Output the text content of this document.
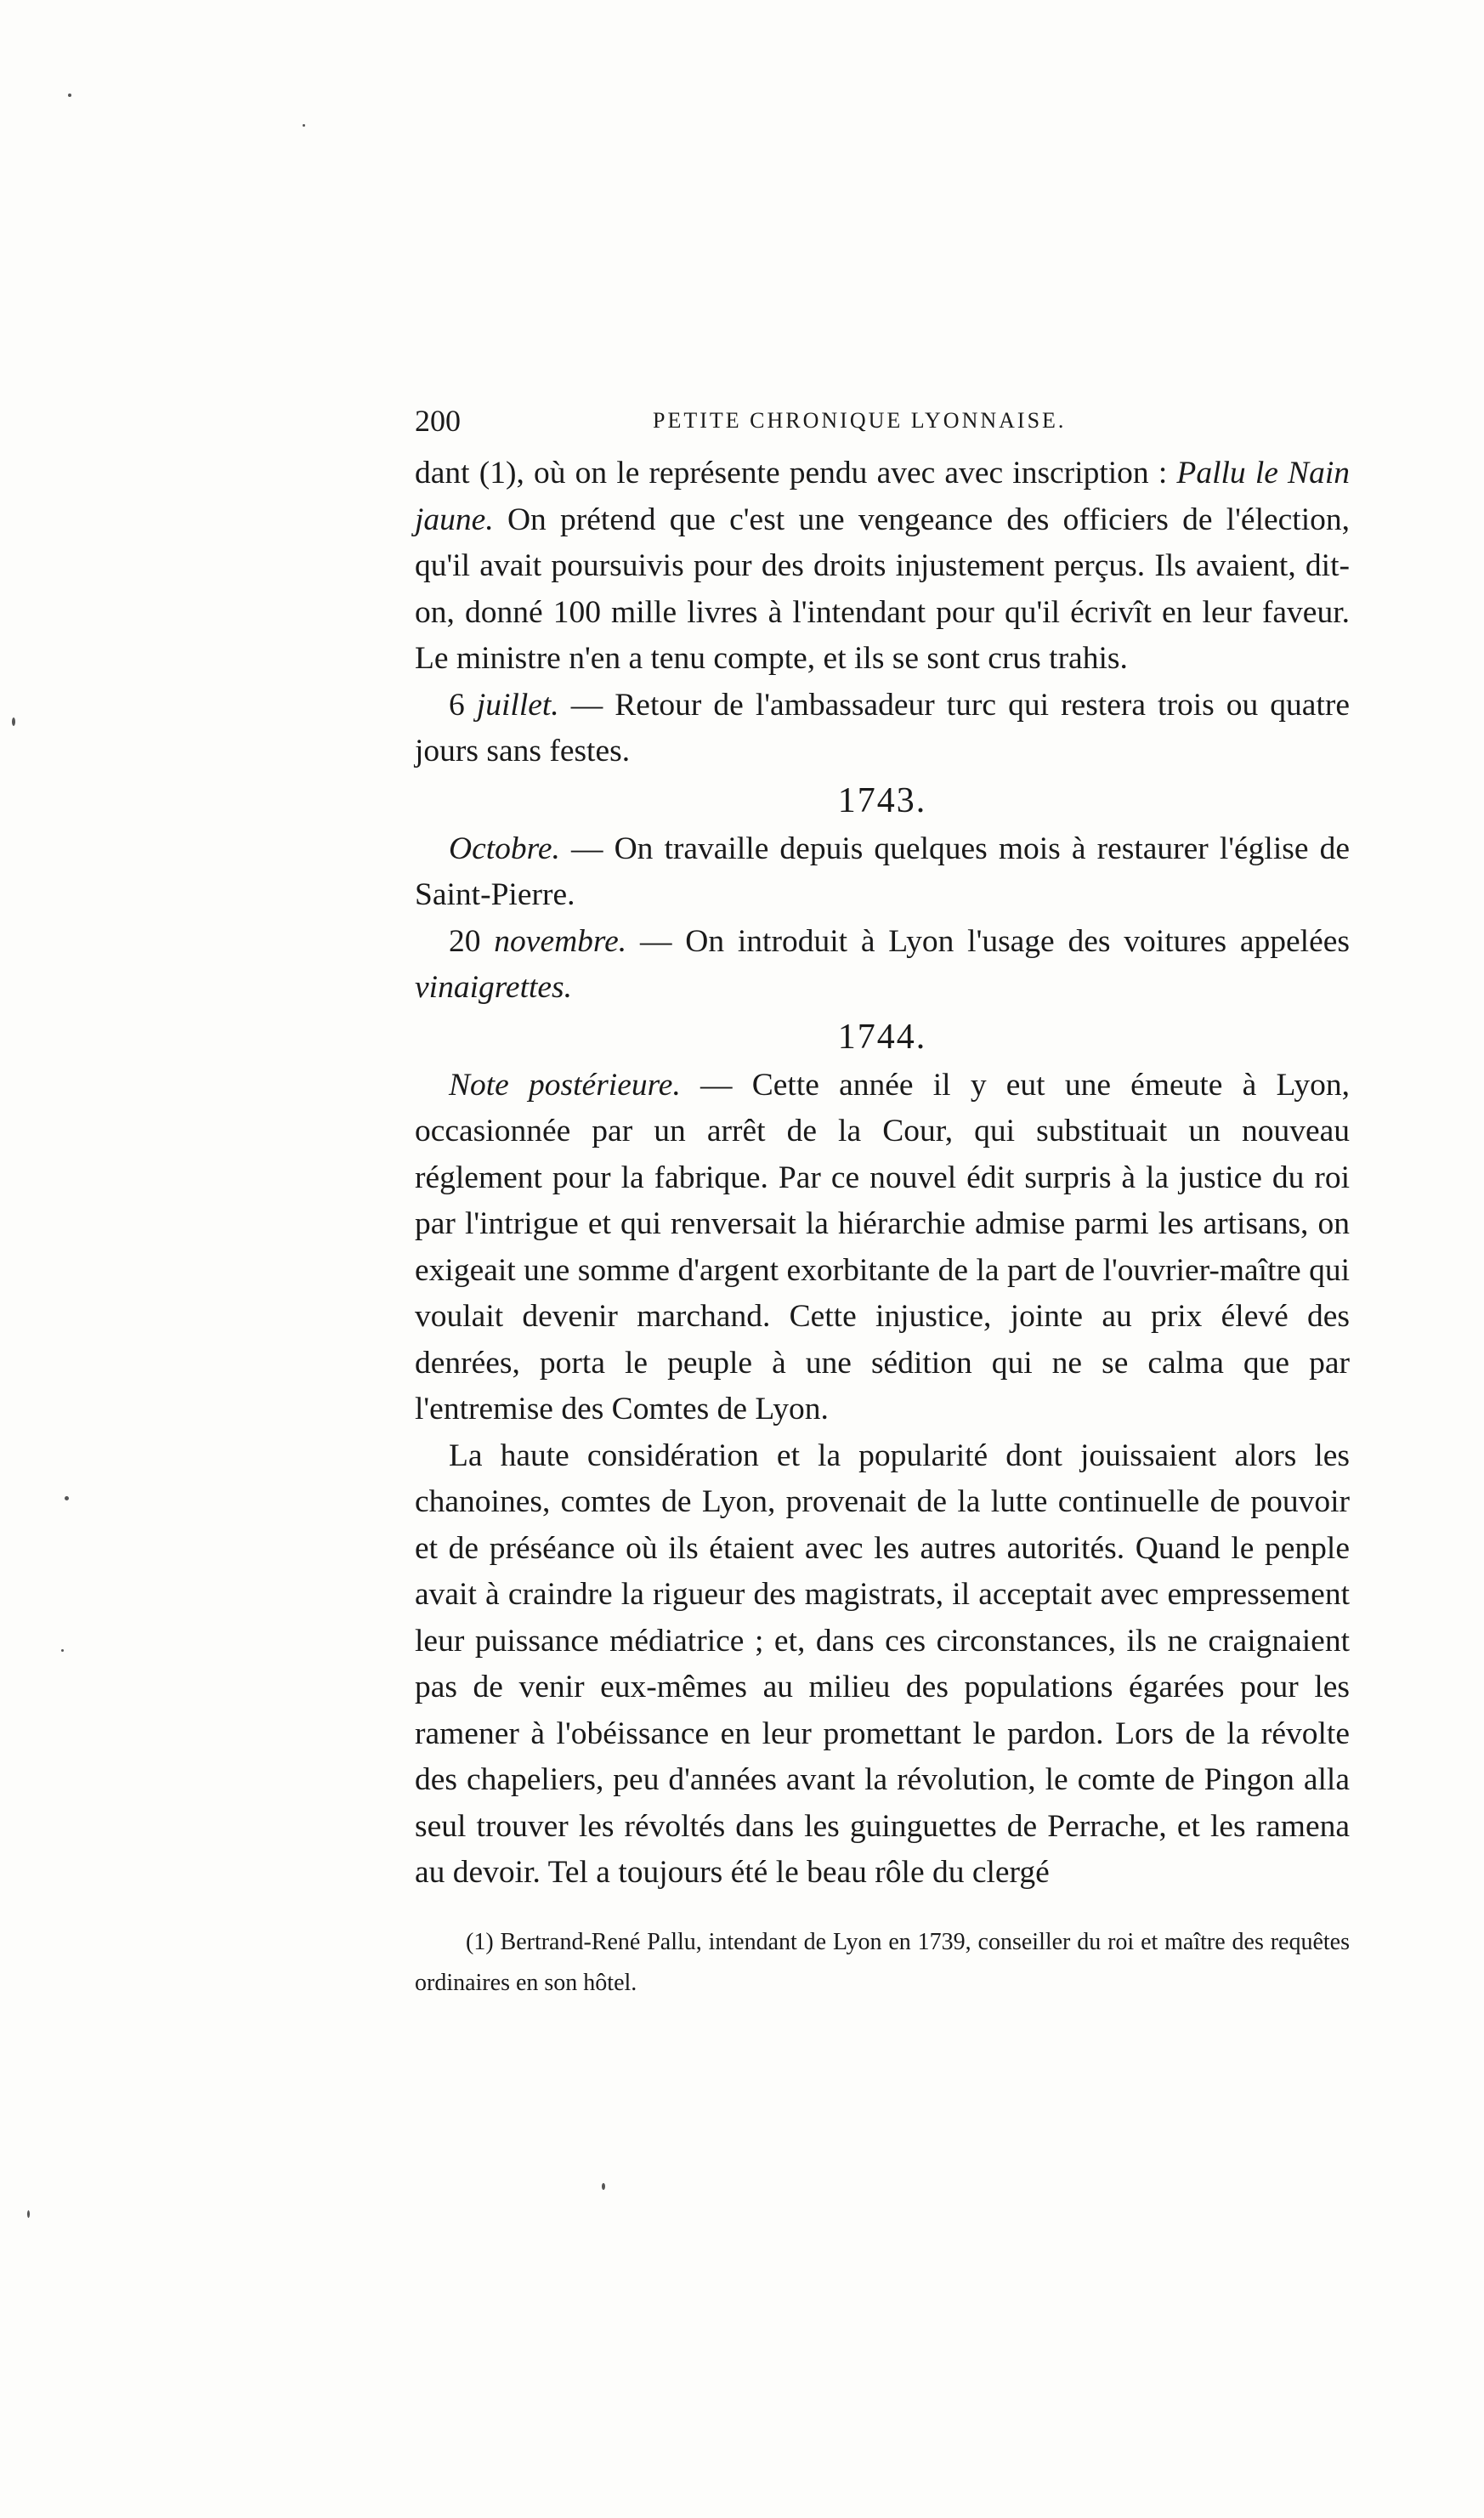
200	PETITE CHRONIQUE LYONNAISE.

dant (1), où on le représente pendu avec avec inscription : Pallu le Nain jaune. On prétend que c'est une vengeance des officiers de l'élection, qu'il avait poursuivis pour des droits injustement perçus. Ils avaient, dit-on, donné 100 mille livres à l'intendant pour qu'il écrivît en leur faveur. Le ministre n'en a tenu compte, et ils se sont crus trahis.

6 juillet. — Retour de l'ambassadeur turc qui restera trois ou quatre jours sans festes.

1743.

Octobre. — On travaille depuis quelques mois à restaurer l'église de Saint-Pierre.

20 novembre. — On introduit à Lyon l'usage des voitures appelées vinaigrettes.

1744.

Note postérieure. — Cette année il y eut une émeute à Lyon, occasionnée par un arrêt de la Cour, qui substituait un nouveau réglement pour la fabrique. Par ce nouvel édit surpris à la justice du roi par l'intrigue et qui renversait la hiérarchie admise parmi les artisans, on exigeait une somme d'argent exorbitante de la part de l'ouvrier-maître qui voulait devenir marchand. Cette injustice, jointe au prix élevé des denrées, porta le peuple à une sédition qui ne se calma que par l'entremise des Comtes de Lyon.

La haute considération et la popularité dont jouissaient alors les chanoines, comtes de Lyon, provenait de la lutte continuelle de pouvoir et de préséance où ils étaient avec les autres autorités. Quand le penple avait à craindre la rigueur des magistrats, il acceptait avec empressement leur puissance médiatrice ; et, dans ces circonstances, ils ne craignaient pas de venir eux-mêmes au milieu des populations égarées pour les ramener à l'obéissance en leur promettant le pardon. Lors de la révolte des chapeliers, peu d'années avant la révolution, le comte de Pingon alla seul trouver les révoltés dans les guinguettes de Perrache, et les ramena au devoir. Tel a toujours été le beau rôle du clergé

(1) Bertrand-René Pallu, intendant de Lyon en 1739, conseiller du roi et maître des requêtes ordinaires en son hôtel.
